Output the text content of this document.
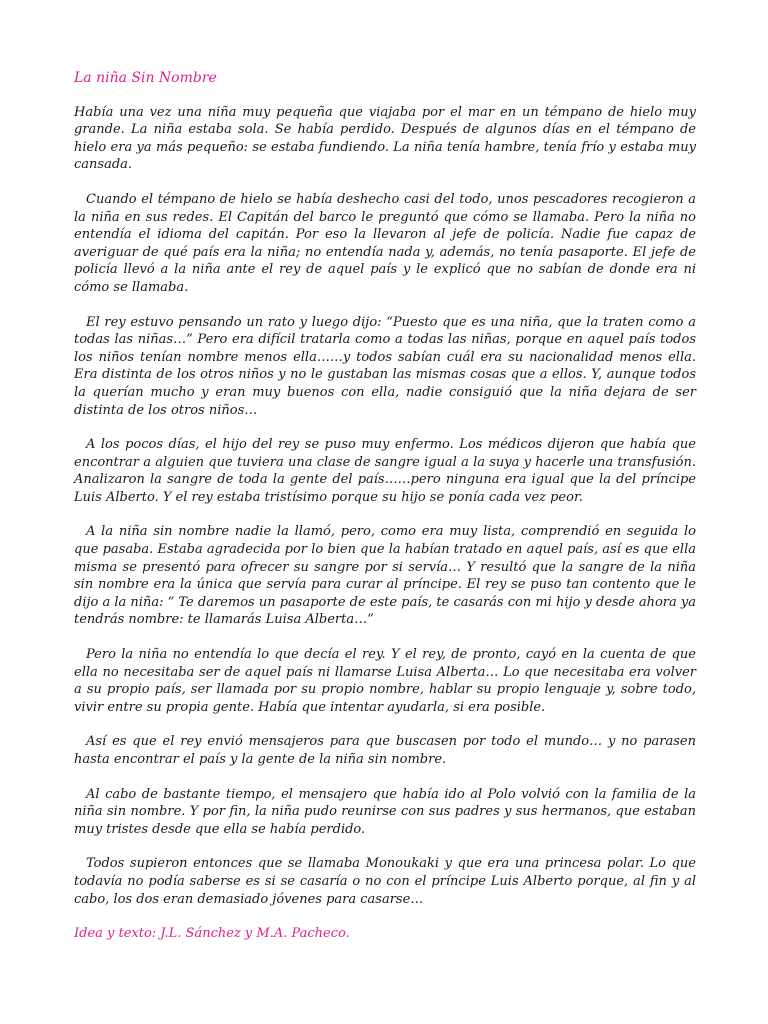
La niña Sin Nombre

Había una vez una niña muy pequeña que viajaba por el mar en un témpano de hielo muy grande. La niña estaba sola. Se había perdido. Después de algunos días en el témpano de hielo era ya más pequeño: se estaba fundiendo. La niña tenía hambre, tenía frío y estaba muy cansada.

Cuando el témpano de hielo se había deshecho casi del todo, unos pescadores recogieron a la niña en sus redes. El Capitán del barco le preguntó que cómo se llamaba. Pero la niña no entendía el idioma del capitán. Por eso la llevaron al jefe de policía. Nadie fue capaz de averiguar de qué país era la niña; no entendía nada y, además, no tenía pasaporte. El jefe de policía llevó a la niña ante el rey de aquel país y le explicó que no sabían de donde era ni cómo se llamaba.

El rey estuvo pensando un rato y luego dijo: “Puesto que es una niña, que la traten como a todas las niñas…” Pero era difícil tratarla como a todas las niñas, porque en aquel país todos los niños tenían nombre menos ella……y todos sabían cuál era su nacionalidad menos ella. Era distinta de los otros niños y no le gustaban las mismas cosas que a ellos. Y, aunque todos la querían mucho y eran muy buenos con ella, nadie consiguió que la niña dejara de ser distinta de los otros niños…

A los pocos días, el hijo del rey se puso muy enfermo. Los médicos dijeron que había que encontrar a alguien que tuviera una clase de sangre igual a la suya y hacerle una transfusión. Analizaron la sangre de toda la gente del país……pero ninguna era igual que la del príncipe Luis Alberto. Y el rey estaba tristísimo porque su hijo se ponía cada vez peor.

A la niña sin nombre nadie la llamó, pero, como era muy lista, comprendió en seguida lo que pasaba. Estaba agradecida por lo bien que la habían tratado en aquel país, así es que ella misma se presentó para ofrecer su sangre por si servía… Y resultó que la sangre de la niña sin nombre era la única que servía para curar al príncipe. El rey se puso tan contento que le dijo a la niña: “ Te daremos un pasaporte de este país, te casarás con mi hijo y desde ahora ya tendrás nombre: te llamarás Luisa Alberta…”

Pero la niña no entendía lo que decía el rey. Y el rey, de pronto, cayó en la cuenta de que ella no necesitaba ser de aquel país ni llamarse Luisa Alberta… Lo que necesitaba era volver a su propio país, ser llamada por su propio nombre, hablar su propio lenguaje y, sobre todo, vivir entre su propia gente. Había que intentar ayudarla, si era posible.

Así es que el rey envió mensajeros para que buscasen por todo el mundo… y no parasen hasta encontrar el país y la gente de la niña sin nombre.

Al cabo de bastante tiempo, el mensajero que había ido al Polo volvió con la familia de la niña sin nombre. Y por fin, la niña pudo reunirse con sus padres y sus hermanos, que estaban muy tristes desde que ella se había perdido.

Todos supieron entonces que se llamaba Monoukaki y que era una princesa polar. Lo que todavía no podía saberse es si se casaría o no con el príncipe Luis Alberto porque, al fin y al cabo, los dos eran demasiado jóvenes para casarse…

Idea y texto: J.L. Sánchez y M.A. Pacheco.
